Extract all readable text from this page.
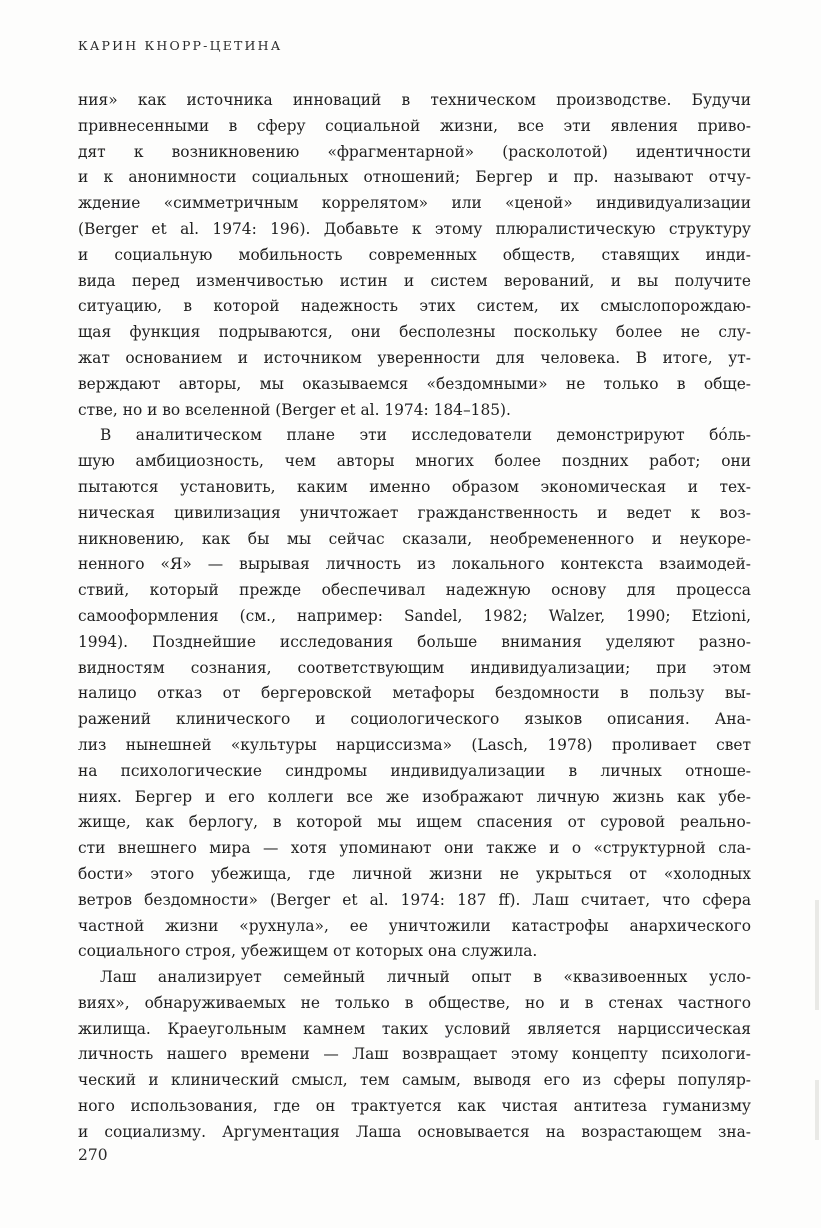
КАРИН КНОРР-ЦЕТИНА
ния» как источника инноваций в техническом производстве. Будучи
привнесенными в сферу социальной жизни, все эти явления приво-
дят к возникновению «фрагментарной» (расколотой) идентичности
и к анонимности социальных отношений; Бергер и пр. называют отчу-
ждение «симметричным коррелятом» или «ценой» индивидуализации
(Berger et al. 1974: 196). Добавьте к этому плюралистическую структуру
и социальную мобильность современных обществ, ставящих инди-
вида перед изменчивостью истин и систем верований, и вы получите
ситуацию, в которой надежность этих систем, их смыслопорождаю-
щая функция подрываются, они бесполезны поскольку более не слу-
жат основанием и источником уверенности для человека. В итоге, ут-
верждают авторы, мы оказываемся «бездомными» не только в обще-
стве, но и во вселенной (Berger et al. 1974: 184–185).
В аналитическом плане эти исследователи демонстрируют бо́ль-
шую амбициозность, чем авторы многих более поздних работ; они
пытаются установить, каким именно образом экономическая и тех-
ническая цивилизация уничтожает гражданственность и ведет к воз-
никновению, как бы мы сейчас сказали, необремененного и неукоре-
ненного «Я» — вырывая личность из локального контекста взаимодей-
ствий, который прежде обеспечивал надежную основу для процесса
самооформления (см., например: Sandel, 1982; Walzer, 1990; Etzioni,
1994). Позднейшие исследования больше внимания уделяют разно-
видностям сознания, соответствующим индивидуализации; при этом
налицо отказ от бергеровской метафоры бездомности в пользу вы-
ражений клинического и социологического языков описания. Ана-
лиз нынешней «культуры нарциссизма» (Lasch, 1978) проливает свет
на психологические синдромы индивидуализации в личных отноше-
ниях. Бергер и его коллеги все же изображают личную жизнь как убе-
жище, как берлогу, в которой мы ищем спасения от суровой реально-
сти внешнего мира — хотя упоминают они также и о «структурной сла-
бости» этого убежища, где личной жизни не укрыться от «холодных
ветров бездомности» (Berger et al. 1974: 187 ff). Лаш считает, что сфера
частной жизни «рухнула», ее уничтожили катастрофы анархического
социального строя, убежищем от которых она служила.
Лаш анализирует семейный личный опыт в «квазивоенных усло-
виях», обнаруживаемых не только в обществе, но и в стенах частного
жилища. Краеугольным камнем таких условий является нарциссическая
личность нашего времени — Лаш возвращает этому концепту психологи-
ческий и клинический смысл, тем самым, выводя его из сферы популяр-
ного использования, где он трактуется как чистая антитеза гуманизму
и социализму. Аргументация Лаша основывается на возрастающем зна-
270
